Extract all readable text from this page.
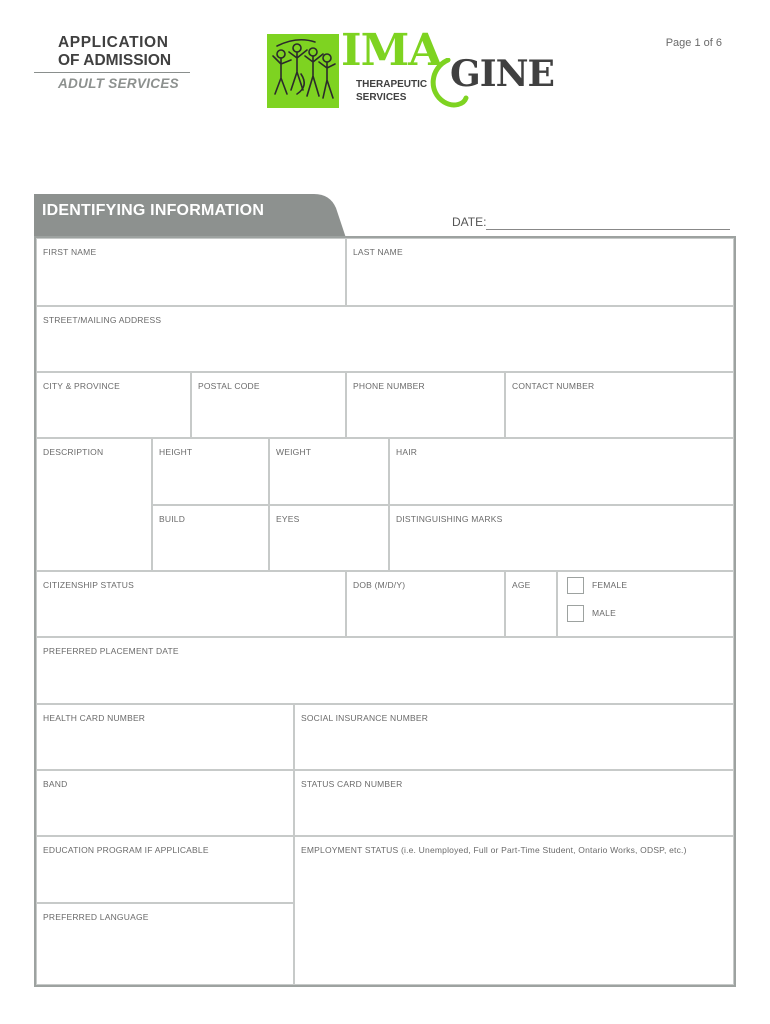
APPLICATION
OF ADMISSION
ADULT SERVICES
Page 1 of 6
IMA GINE
THERAPEUTIC
SERVICES
IDENTIFYING INFORMATION
DATE:
FIRST NAME	LAST NAME
STREET/MAILING ADDRESS
CITY & PROVINCE	POSTAL CODE	PHONE NUMBER	CONTACT NUMBER
DESCRIPTION	HEIGHT	WEIGHT	HAIR
BUILD	EYES	DISTINGUISHING MARKS
CITIZENSHIP STATUS	DOB (M/D/Y)	AGE	FEMALE
MALE
PREFERRED PLACEMENT DATE
HEALTH CARD NUMBER	SOCIAL INSURANCE NUMBER
BAND	STATUS CARD NUMBER
EDUCATION PROGRAM IF APPLICABLE	EMPLOYMENT STATUS (i.e. Unemployed, Full or Part-Time Student, Ontario Works, ODSP, etc.)
PREFERRED LANGUAGE
